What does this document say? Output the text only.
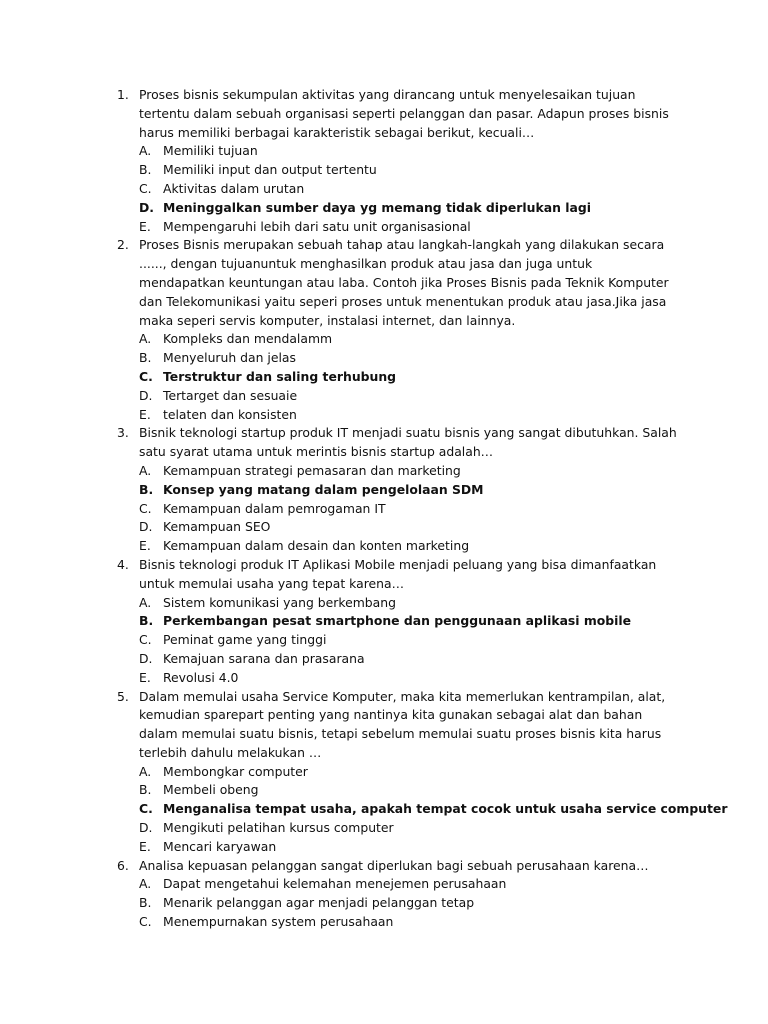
1. Proses bisnis sekumpulan aktivitas yang dirancang untuk menyelesaikan tujuan tertentu dalam sebuah organisasi seperti pelanggan dan pasar. Adapun proses bisnis harus memiliki berbagai karakteristik sebagai berikut, kecuali…
A. Memiliki tujuan
B. Memiliki input dan output tertentu
C. Aktivitas dalam urutan
D. Meninggalkan sumber daya yg memang tidak diperlukan lagi
E. Mempengaruhi lebih dari satu unit organisasional
2. Proses Bisnis merupakan sebuah tahap atau langkah-langkah yang dilakukan secara ......, dengan tujuanuntuk menghasilkan produk atau jasa dan juga untuk mendapatkan keuntungan atau laba. Contoh jika Proses Bisnis pada Teknik Komputer dan Telekomunikasi yaitu seperi proses untuk menentukan produk atau jasa.Jika jasa maka seperi servis komputer, instalasi internet, dan lainnya.
A. Kompleks dan mendalamm
B. Menyeluruh dan jelas
C. Terstruktur dan saling terhubung
D. Tertarget dan sesuaie
E. telaten dan konsisten
3. Bisnik teknologi startup produk IT menjadi suatu bisnis yang sangat dibutuhkan. Salah satu syarat utama untuk merintis bisnis startup adalah…
A. Kemampuan strategi pemasaran dan marketing
B. Konsep yang matang dalam pengelolaan SDM
C. Kemampuan dalam pemrogaman IT
D. Kemampuan SEO
E. Kemampuan dalam desain dan konten marketing
4. Bisnis teknologi produk IT Aplikasi Mobile menjadi peluang yang bisa dimanfaatkan untuk memulai usaha yang tepat karena…
A. Sistem komunikasi yang berkembang
B. Perkembangan pesat smartphone dan penggunaan aplikasi mobile
C. Peminat game yang tinggi
D. Kemajuan sarana dan prasarana
E. Revolusi 4.0
5. Dalam memulai usaha Service Komputer, maka kita memerlukan kentrampilan, alat, kemudian sparepart penting yang nantinya kita gunakan sebagai alat dan bahan dalam memulai suatu bisnis, tetapi sebelum memulai suatu proses bisnis kita harus terlebih dahulu melakukan …
A. Membongkar computer
B. Membeli obeng
C. Menganalisa tempat usaha, apakah tempat cocok untuk usaha service computer
D. Mengikuti pelatihan kursus computer
E. Mencari karyawan
6. Analisa kepuasan pelanggan sangat diperlukan bagi sebuah perusahaan karena…
A. Dapat mengetahui kelemahan menejemen perusahaan
B. Menarik pelanggan agar menjadi pelanggan tetap
C. Menempurnakan system perusahaan
